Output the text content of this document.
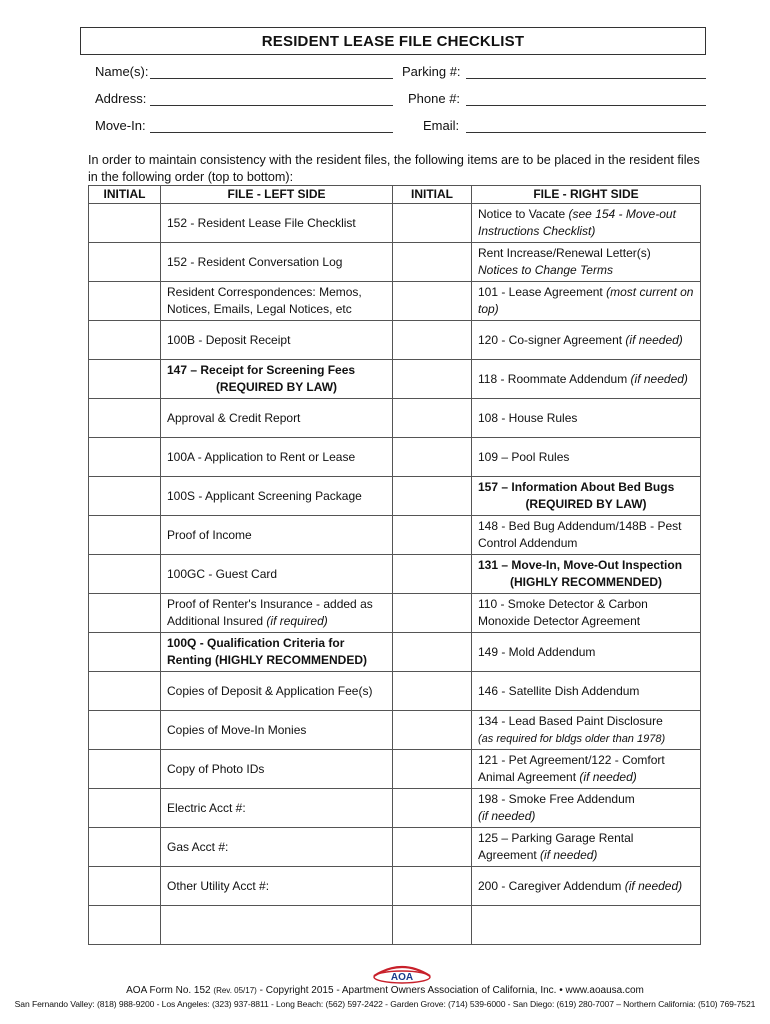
RESIDENT LEASE FILE CHECKLIST
Name(s):	Parking #:
Address:	Phone #:
Move-In:	Email:
In order to maintain consistency with the resident files, the following items are to be placed in the resident files in the following order (top to bottom):
INITIAL	FILE - LEFT SIDE	INITIAL	FILE - RIGHT SIDE
	152 - Resident Lease File Checklist		Notice to Vacate (see 154 - Move-out Instructions Checklist)
	152 - Resident Conversation Log		Rent Increase/Renewal Letter(s)
Notices to Change Terms
	Resident Correspondences: Memos, Notices, Emails, Legal Notices, etc		101 - Lease Agreement (most current on top)
	100B - Deposit Receipt		120 - Co-signer Agreement (if needed)
	147 – Receipt for Screening Fees
(REQUIRED BY LAW)		118 - Roommate Addendum (if needed)
	Approval & Credit Report		108 - House Rules
	100A - Application to Rent or Lease		109 – Pool Rules
	100S - Applicant Screening Package		157 – Information About Bed Bugs
(REQUIRED BY LAW)

	Proof of Income		148 - Bed Bug Addendum/148B - Pest Control Addendum
	100GC - Guest Card		131 – Move-In, Move-Out Inspection
(HIGHLY RECOMMENDED)

	Proof of Renter's Insurance - added as Additional Insured (if required)		110 - Smoke Detector & Carbon Monoxide Detector Agreement
	100Q - Qualification Criteria for Renting (HIGHLY RECOMMENDED)		149 - Mold Addendum
	Copies of Deposit & Application Fee(s)		146 - Satellite Dish Addendum
	Copies of Move-In Monies		134 - Lead Based Paint Disclosure
(as required for bldgs older than 1978)
	Copy of Photo IDs		121 - Pet Agreement/122 - Comfort Animal Agreement (if needed)
	Electric Acct #:		198 - Smoke Free Addendum
(if needed)
	Gas Acct #:		125 – Parking Garage Rental Agreement (if needed)
	Other Utility Acct #:		200 - Caregiver Addendum (if needed)

AOA
AOA Form No. 152 (Rev. 05/17) - Copyright 2015 - Apartment Owners Association of California, Inc. • www.aoausa.com
San Fernando Valley: (818) 988-9200 - Los Angeles: (323) 937-8811 - Long Beach: (562) 597-2422 - Garden Grove: (714) 539-6000 - San Diego: (619) 280-7007 – Northern California: (510) 769-7521
